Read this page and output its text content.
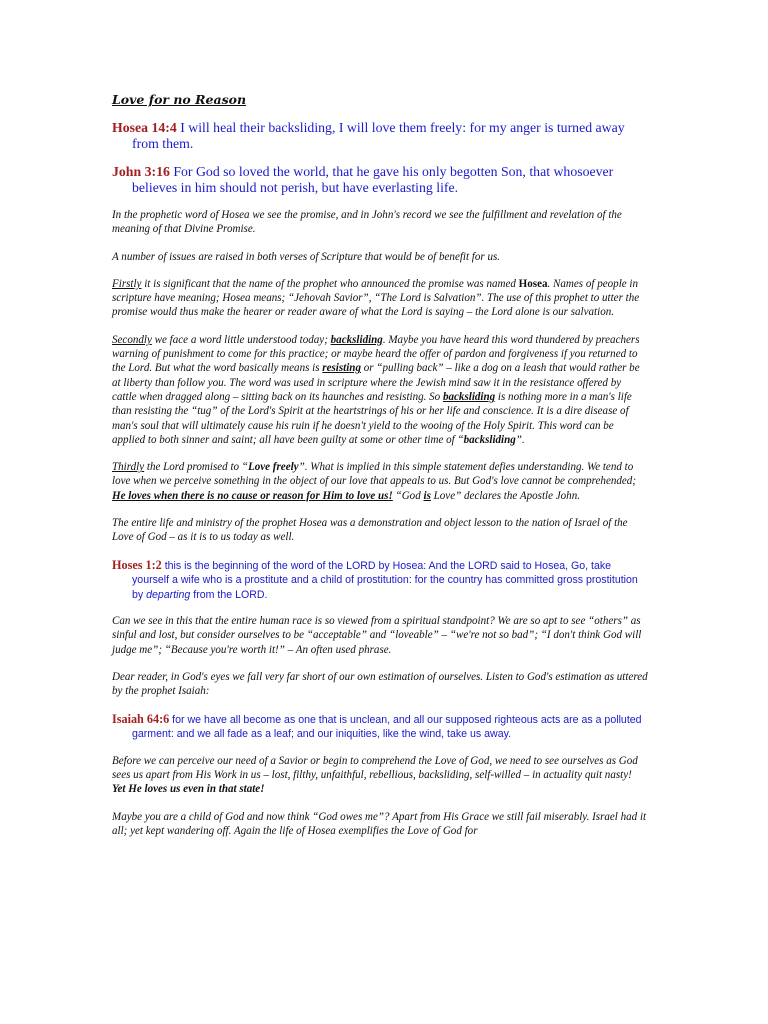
Love for no Reason

Hosea 14:4 I will heal their backsliding, I will love them freely: for my anger is turned away from them.

John 3:16 For God so loved the world, that he gave his only begotten Son, that whosoever believes in him should not perish, but have everlasting life.

In the prophetic word of Hosea we see the promise, and in John's record we see the fulfillment and revelation of the meaning of that Divine Promise.

A number of issues are raised in both verses of Scripture that would be of benefit for us.

Firstly it is significant that the name of the prophet who announced the promise was named Hosea. Names of people in scripture have meaning; Hosea means; “Jehovah Savior”, “The Lord is Salvation”. The use of this prophet to utter the promise would thus make the hearer or reader aware of what the Lord is saying – the Lord alone is our salvation.

Secondly we face a word little understood today; backsliding. Maybe you have heard this word thundered by preachers warning of punishment to come for this practice; or maybe heard the offer of pardon and forgiveness if you returned to the Lord. But what the word basically means is resisting or “pulling back” – like a dog on a leash that would rather be at liberty than follow you. The word was used in scripture where the Jewish mind saw it in the resistance offered by cattle when dragged along – sitting back on its haunches and resisting. So backsliding is nothing more in a man's life than resisting the “tug” of the Lord's Spirit at the heartstrings of his or her life and conscience. It is a dire disease of man's soul that will ultimately cause his ruin if he doesn't yield to the wooing of the Holy Spirit. This word can be applied to both sinner and saint; all have been guilty at some or other time of “backsliding”.

Thirdly the Lord promised to “Love freely”. What is implied in this simple statement defies understanding. We tend to love when we perceive something in the object of our love that appeals to us. But God's love cannot be comprehended; He loves when there is no cause or reason for Him to love us! “God is Love” declares the Apostle John.

The entire life and ministry of the prophet Hosea was a demonstration and object lesson to the nation of Israel of the Love of God – as it is to us today as well.

Hoses 1:2 this is the beginning of the word of the LORD by Hosea: And the LORD said to Hosea, Go, take yourself a wife who is a prostitute and a child of prostitution: for the country has committed gross prostitution by departing from the LORD.

Can we see in this that the entire human race is so viewed from a spiritual standpoint? We are so apt to see “others” as sinful and lost, but consider ourselves to be “acceptable” and “loveable” – “we're not so bad”; “I don't think God will judge me”; “Because you're worth it!” – An often used phrase.

Dear reader, in God's eyes we fall very far short of our own estimation of ourselves. Listen to God's estimation as uttered by the prophet Isaiah:

Isaiah 64:6 for we have all become as one that is unclean, and all our supposed righteous acts are as a polluted garment: and we all fade as a leaf; and our iniquities, like the wind, take us away.

Before we can perceive our need of a Savior or begin to comprehend the Love of God, we need to see ourselves as God sees us apart from His Work in us – lost, filthy, unfaithful, rebellious, backsliding, self-willed – in actuality quit nasty! Yet He loves us even in that state!

Maybe you are a child of God and now think “God owes me”? Apart from His Grace we still fail miserably. Israel had it all; yet kept wandering off. Again the life of Hosea exemplifies the Love of God for
